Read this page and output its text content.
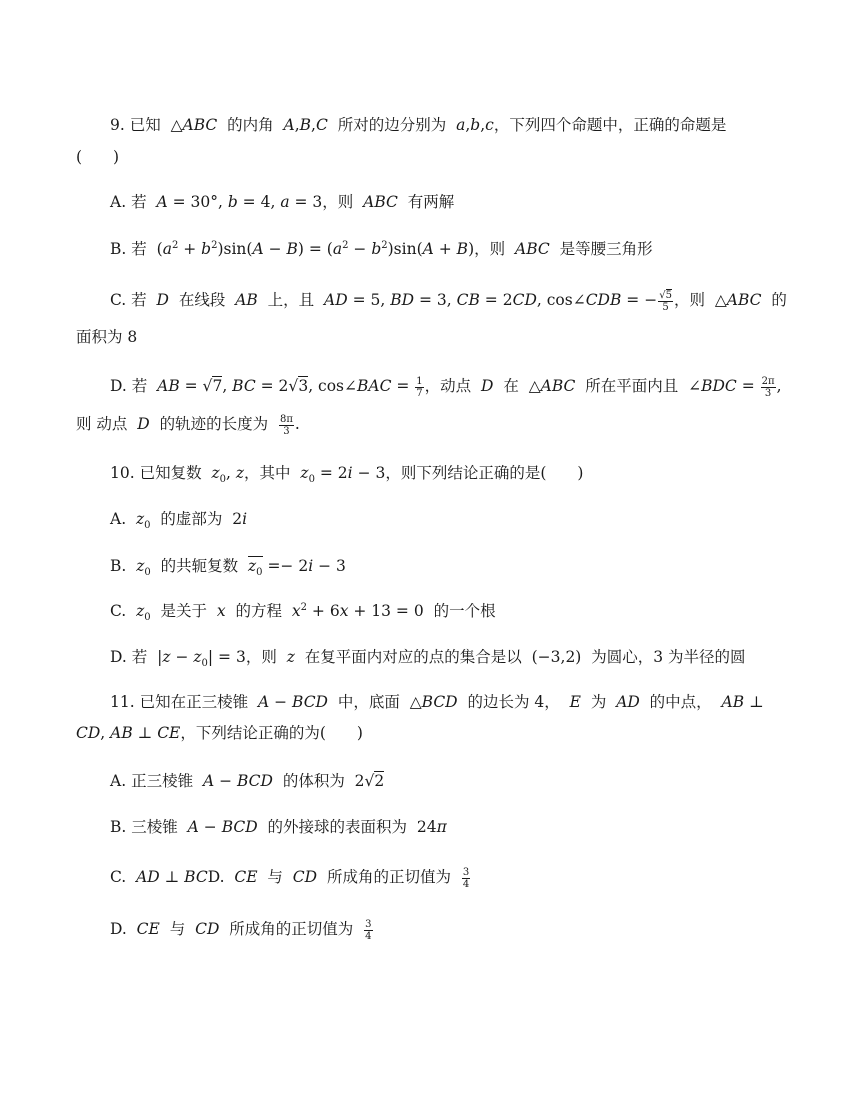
9. 已知 △ABC 的内角 A,B,C 所对的边分别为 a,b,c，下列四个命题中，正确的命题是
(　　)
A. 若 A = 30°, b = 4, a = 3，则 ABC 有两解
B. 若  $(a^2 + b^2)\sin(A - B) = (a^2 - b^2)\sin(A + B)$，则 ABC 是等腰三角形
C. 若 D 在线段 AB 上，且 AD = 5, BD = 3, CB = 2CD, cos∠CDB = − $\frac{√5}{5}$ ，则  △ABC 的
面积为 8
D. 若 AB = √7, BC = 2√3, cos∠BAC = $\frac{1}{7}$ ，动点 D 在  △ABC 所在平面内且  ∠BDC = $\frac{2\pi}{3}$ ,
则 动点 D 的轨迹的长度为 $\frac{8\pi}{3}$ .
10. 已知复数 $z_0$, z，其中 $z_0 = 2i - 3$，则下列结论正确的是(　　)
A. $z_0$ 的虚部为  2i
B. $z_0$ 的共轭复数 $z_0 =- 2i - 3$
C. $z_0$ 是关于 x 的方程 $x^2 + 6x + 13 = 0$  的一个根
D. 若  $|z - z_0| = 3$，则 z 在复平面内对应的点的集合是以  (−3,2)  为圆心，3 为半径的圆
11. 已知在正三棱锥 A − BCD 中，底面  △BCD 的边长为 4， E 为 AD 的中点， AB ⊥
CD, AB ⊥ CE，下列结论正确的为(　　)
A. 正三棱锥 A − BCD 的体积为  2√2
B. 三棱锥 A − BCD 的外接球的表面积为  24π
C. AD ⊥ BCD. CE 与 CD 所成角的正切值为 $\frac{3}{4}$
D. CE 与 CD 所成角的正切值为 $\frac{3}{4}$
